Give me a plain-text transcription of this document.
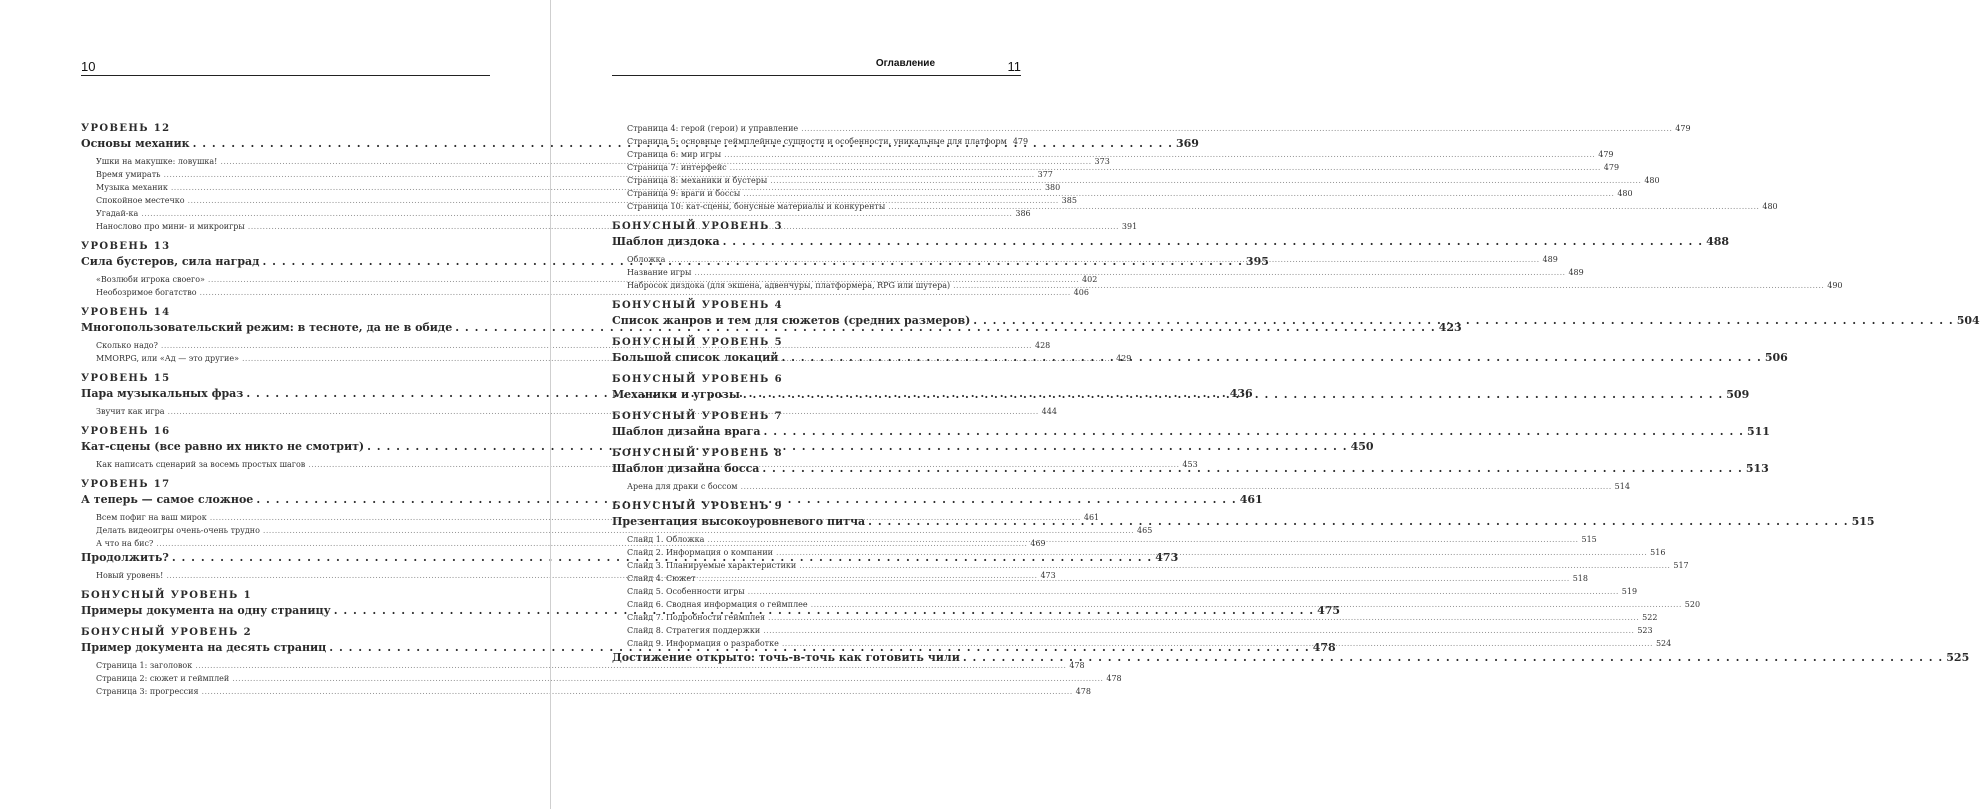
10
УРОВЕНЬ 12
Основы механик . . .	369
Ушки на макушке: ловушка! .....	373
Время умирать .....	377
Музыка механик .....	380
Спокойное местечко .....	385
Угадай-ка .....	386
Нанослово про мини- и микроигры .....	391
УРОВЕНЬ 13
Сила бустеров, сила наград . . .	395
«Возлюби игрока своего» .....	402
Необозримое богатство .....	406
УРОВЕНЬ 14
Многопользовательский режим: в тесноте, да не в обиде . . .	423
Сколько надо? .....	428
MMORPG, или «Ад — это другие» .....	429
УРОВЕНЬ 15
Пара музыкальных фраз . . .	436
Звучит как игра .....	444
УРОВЕНЬ 16
Кат-сцены (все равно их никто не смотрит) . . .	450
Как написать сценарий за восемь простых шагов .....	453
УРОВЕНЬ 17
А теперь — самое сложное . . .	461
Всем пофиг на ваш мирок .....	461
Делать видеоигры очень-очень трудно .....	465
А что на бис? .....	469
Продолжить? . . .	473
Новый уровень! .....	473
БОНУСНЫЙ УРОВЕНЬ 1
Примеры документа на одну страницу . . .	475
БОНУСНЫЙ УРОВЕНЬ 2
Пример документа на десять страниц . . .	478
Страница 1: заголовок .....	478
Страница 2: сюжет и геймплей .....	478
Страница 3: прогрессия .....	478
Оглавление	11
Страница 4: герой (герои) и управление .....	479
Страница 5: основные геймплейные сущности и особенности, уникальные для платформ 479
Страница 6: мир игры .....	479
Страница 7: интерфейс .....	479
Страница 8: механики и бустеры .....	480
Страница 9: враги и боссы .....	480
Страница 10: кат-сцены, бонусные материалы и конкуренты .....	480
БОНУСНЫЙ УРОВЕНЬ 3
Шаблон диздока . . .	488
Обложка .....	489
Название игры .....	489
Набросок диздока (для экшена, адвенчуры, платформера, RPG или шутера) .....	490
БОНУСНЫЙ УРОВЕНЬ 4
Список жанров и тем для сюжетов (средних размеров) . . .	504
БОНУСНЫЙ УРОВЕНЬ 5
Большой список локаций . . .	506
БОНУСНЫЙ УРОВЕНЬ 6
Механики и угрозы . . .	509
БОНУСНЫЙ УРОВЕНЬ 7
Шаблон дизайна врага . . .	511
БОНУСНЫЙ УРОВЕНЬ 8
Шаблон дизайна босса . . .	513
Арена для драки с боссом .....	514
БОНУСНЫЙ УРОВЕНЬ 9
Презентация высокоуровневого питча . . .	515
Слайд 1. Обложка .....	515
Слайд 2. Информация о компании .....	516
Слайд 3. Планируемые характеристики .....	517
Слайд 4. Сюжет .....	518
Слайд 5. Особенности игры .....	519
Слайд 6. Сводная информация о геймплее .....	520
Слайд 7. Подробности геймплея .....	522
Слайд 8. Стратегия поддержки .....	523
Слайд 9. Информация о разработке .....	524
Достижение открыто: точь-в-точь как готовить чили . . .	525
